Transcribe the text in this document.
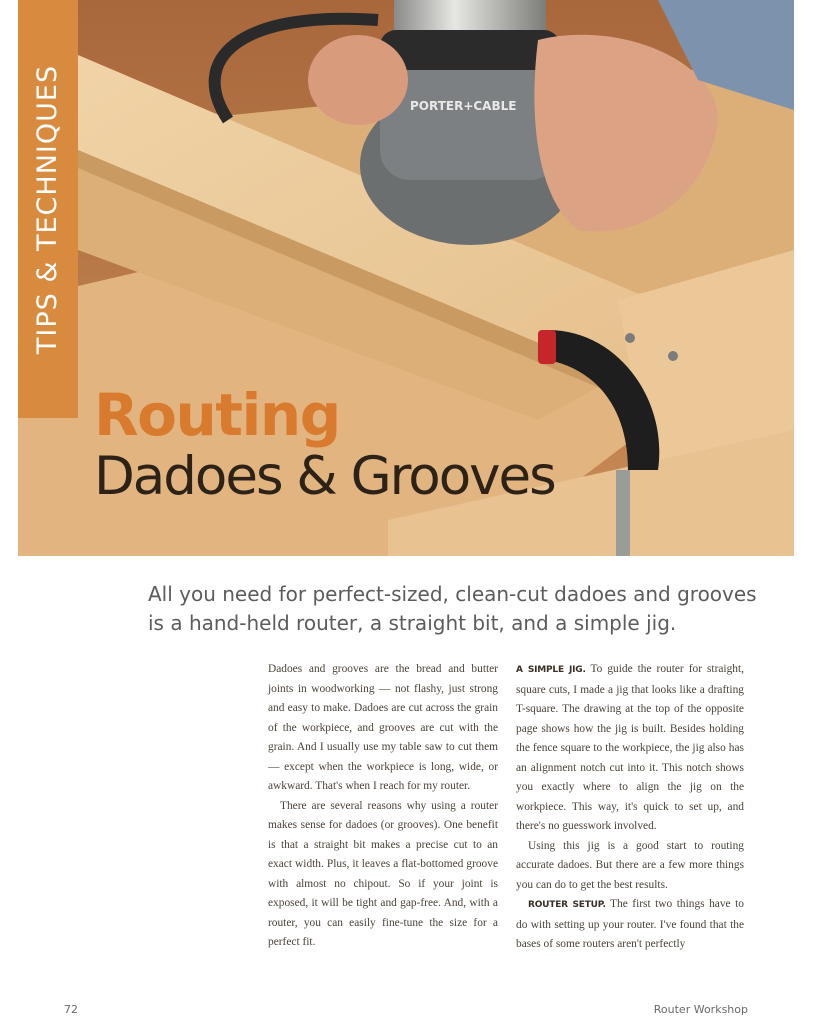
PORTER+CABLE
TIPS & TECHNIQUES
Routing
Dadoes & Grooves
All you need for perfect-sized, clean-cut dadoes and grooves is a hand-held router, a straight bit, and a simple jig.

Dadoes and grooves are the bread and butter joints in woodworking — not flashy, just strong and easy to make. Dadoes are cut across the grain of the workpiece, and grooves are cut with the grain. And I usually use my table saw to cut them — except when the workpiece is long, wide, or awkward. That's when I reach for my router.

There are several reasons why using a router makes sense for dadoes (or grooves). One benefit is that a straight bit makes a precise cut to an exact width. Plus, it leaves a flat-bottomed groove with almost no chipout. So if your joint is exposed, it will be tight and gap-free. And, with a router, you can easily fine-tune the size for a perfect fit.

A SIMPLE JIG. To guide the router for straight, square cuts, I made a jig that looks like a drafting T-square. The drawing at the top of the opposite page shows how the jig is built. Besides holding the fence square to the workpiece, the jig also has an alignment notch cut into it. This notch shows you exactly where to align the jig on the workpiece. This way, it's quick to set up, and there's no guesswork involved.

Using this jig is a good start to routing accurate dadoes. But there are a few more things you can do to get the best results.

ROUTER SETUP. The first two things have to do with setting up your router. I've found that the bases of some routers aren't perfectly

72	Router Workshop
